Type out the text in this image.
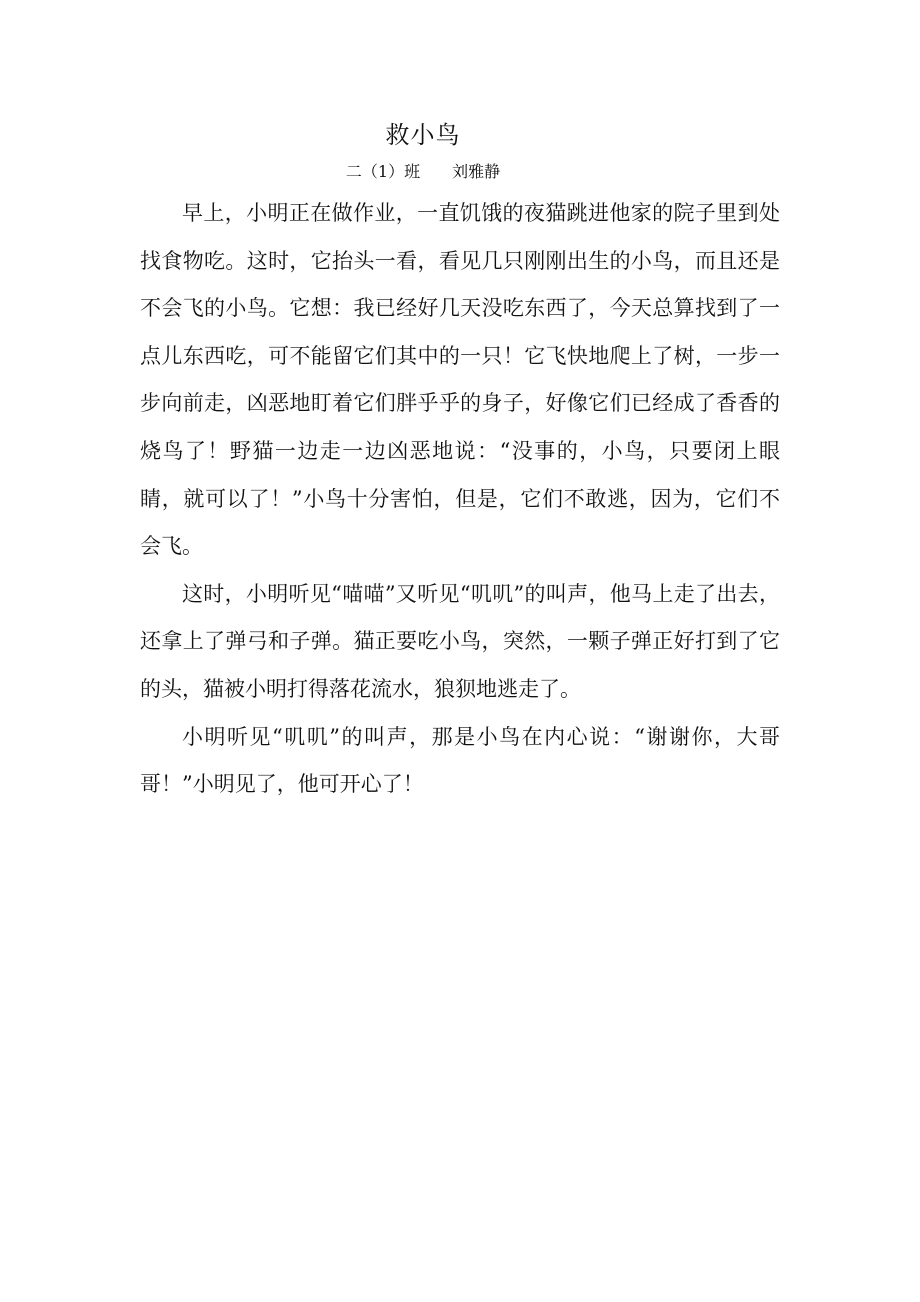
救小鸟
二（1）班　　刘雅静

早上，小明正在做作业，一直饥饿的夜猫跳进他家的院子里到处找食物吃。这时，它抬头一看，看见几只刚刚出生的小鸟，而且还是不会飞的小鸟。它想：我已经好几天没吃东西了，今天总算找到了一点儿东西吃，可不能留它们其中的一只！它飞快地爬上了树，一步一步向前走，凶恶地盯着它们胖乎乎的身子，好像它们已经成了香香的烧鸟了！野猫一边走一边凶恶地说：“没事的，小鸟，只要闭上眼睛，就可以了！”小鸟十分害怕，但是，它们不敢逃，因为，它们不会飞。

这时，小明听见“喵喵”又听见“叽叽”的叫声，他马上走了出去，还拿上了弹弓和子弹。猫正要吃小鸟，突然，一颗子弹正好打到了它的头，猫被小明打得落花流水，狼狈地逃走了。

小明听见“叽叽”的叫声，那是小鸟在内心说：“谢谢你，大哥哥！”小明见了，他可开心了！
